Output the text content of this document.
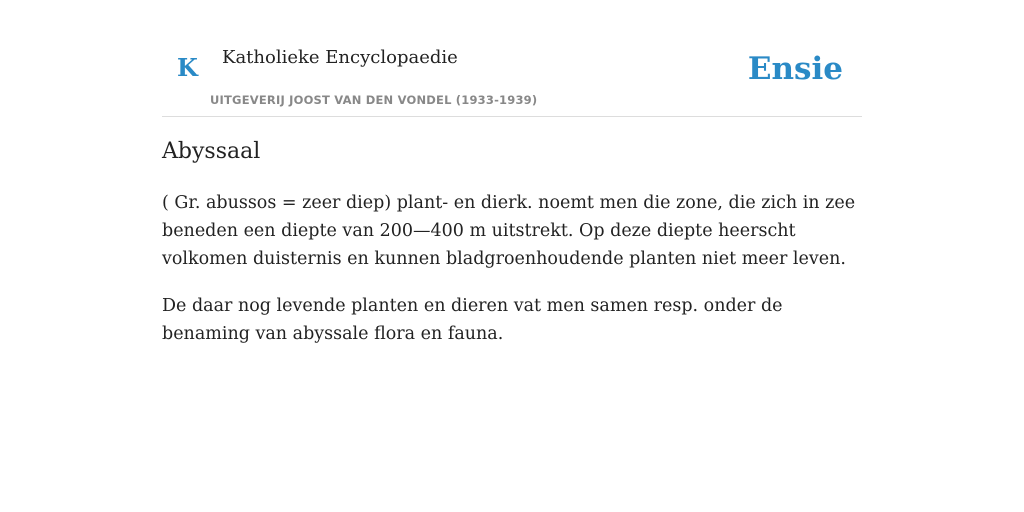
K Katholieke Encyclopaedie
UITGEVERIJ JOOST VAN DEN VONDEL (1933-1939)
Ensie
Abyssaal

( Gr. abussos = zeer diep) plant- en dierk. noemt men die zone, die zich in zee beneden een diepte van 200—400 m uitstrekt. Op deze diepte heerscht volkomen duisternis en kunnen bladgroenhoudende planten niet meer leven.

De daar nog levende planten en dieren vat men samen resp. onder de benaming van abyssale flora en fauna.
